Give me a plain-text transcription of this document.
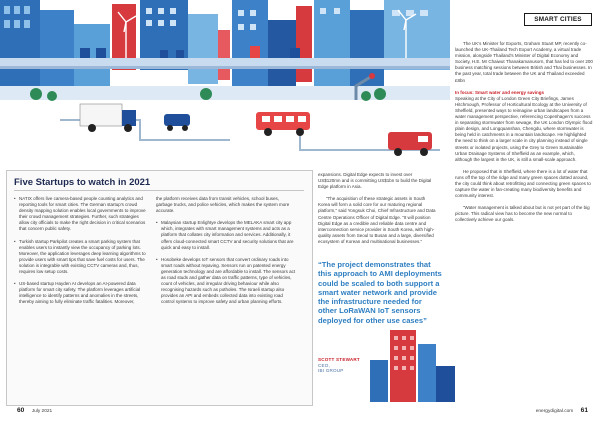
SMART CITIES
Five Startups to watch in 2021

• NATIX offers live camera-based people counting analytics and reporting tools for smart cities. The German startup’s crowd density mapping solution enables local governments to improve their crowd management strategies. Further, such strategies allow city officials to make the right decision in critical scenarios that concern public safety.

• Turkish startup Parkpilot creates a smart parking system that enables users to instantly view the occupancy of parking lots. Moreover, the application leverages deep learning algorithms to provide users with smart tips that save fuel costs for users. The solution is integrable with existing CCTV cameras and, thus, requires low setup costs.

• US-based startup Hayden AI develops an AI-powered data platform for smart city safety. The platform leverages artificial intelligence to identify patterns and anomalies in the streets, thereby aiming to fully eliminate traffic fatalities. Moreover,

the platform receives data from transit vehicles, school buses, garbage trucks, and police vehicles, which makes the system more accurate.

• Malaysian startup Enlightye develops the MELAKA smart city app which, integrates with smart management systems and acts as a platform that collates city information and services. Additionally, it offers cloud-connected smart CCTV and security solutions that are quick and easy to install.

• Hosobeke develops IoT sensors that convert ordinary roads into smart roads without repaving. Sensors run on patented energy generation technology and are affordable to install. The sensors act as road studs and gather data on traffic patterns, type of vehicles, count of vehicles, and irregular driving behaviour while also recognising hazards such as potholes. The Israeli startup also provides an API and embeds collected data into existing road control systems to improve safety and urban planning efforts.

expansions. Digital Edge expects to invest over US$120mn and is committing US$1bn to build the Digital Edge platform in Asia.

“The acquisition of these strategic assets in South Korea will form a solid core for our maturing regional platform,” said Yongsuk Choi, Chief Infrastructure and Data Centre Operations Officer of Digital Edge. “It will position Digital Edge as a credible and reliable data centre and interconnection service provider in South Korea, with high-quality assets from Seoul to Busan and a large, diversified ecosystem of Korean and multinational businesses.”

“The project demonstrates that this approach to AMI deployments could be scaled to both support a smart water network and provide the infrastructure needed for other LoRaWAN IoT sensors deployed for other use cases”
SCOTT STEWART
CEO,
IBI GROUP

The UK’s Minister for Exports, Graham Stuart MP, recently co-launched the UK-Thailand Tech Export Academy, a virtual trade mission, alongside Thailand’s Minister of Digital Economy and Society, H.E. Mr Chaiwut Thanakamanusorn, that has led to over 200 business matching sessions between British and Thai businesses. In the past year, total trade between the UK and Thailand exceeded £8bn

In focus: Smart water and energy savings

Speaking at the City of London Green City Briefings, James Hitchmough, Professor of Horticultural Ecology at the University of Sheffield, presented ways to reimagine urban landscapes from a water management perspective, referencing Copenhagen’s success in separating stormwater from sewage, the UK London Olympic flood plain design, and Longquanshan, Chengdu, where stormwater is being held in catchments in a mountain landscape. He highlighted the need to think on a larger scale in city planning instead of single streets or isolated projects, using the Grey to Green Sustainable Urban Drainage Systems of Sheffield as an example, which, although the largest in the UK, is still a small-scale approach.

He proposed that in Sheffield, where there is a lot of water that runs off the top of the ridge and many green spaces dotted around, the city could think about retrofitting and connecting green spaces to capture the water in fan-creating many biodiversity benefits and community interest.

“Water management is talked about but is not yet part of the big picture. This radical view has to become the new normal to collectively achieve our goals.

60 July 2021	energydigital.com 61
